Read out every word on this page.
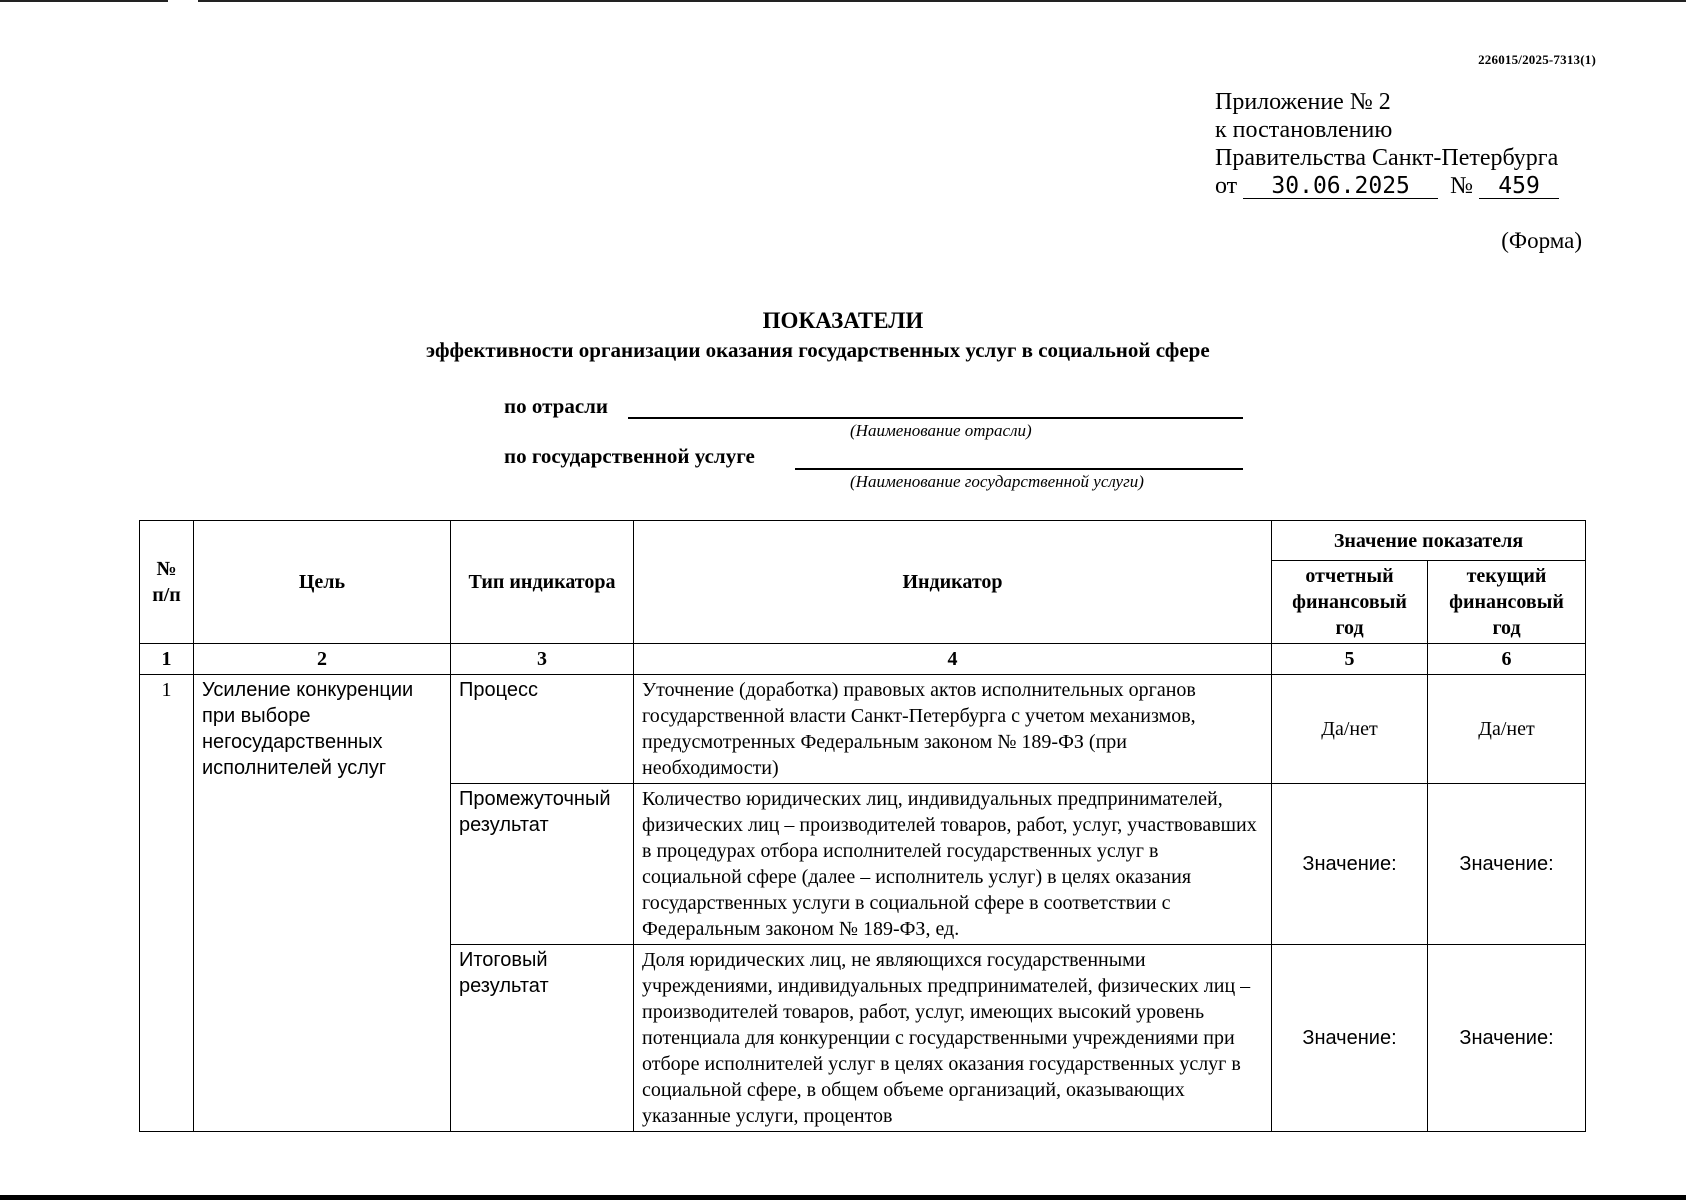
226015/2025-7313(1)
Приложение № 2
к постановлению
Правительства Санкт-Петербурга
от 30.06.2025 № 459
(Форма)
ПОКАЗАТЕЛИ
эффективности организации оказания государственных услуг в социальной сфере
по отрасли
(Наименование отрасли)
по государственной услуге
(Наименование государственной услуги)
№ п/п	Цель	Тип индикатора	Индикатор	Значение показателя	
				отчетный финансовый год	текущий финансовый год
1	2	3	4	5	6
1	Усиление конкуренции при выборе негосударственных исполнителей услуг	Процесс	Уточнение (доработка) правовых актов исполнительных органов государственной власти Санкт-Петербурга с учетом механизмов, предусмотренных Федеральным законом № 189-ФЗ (при необходимости)	Да/нет	Да/нет
		Промежуточный результат	Количество юридических лиц, индивидуальных предпринимателей, физических лиц – производителей товаров, работ, услуг, участвовавших в процедурах отбора исполнителей государственных услуг в социальной сфере (далее – исполнитель услуг) в целях оказания государственных услуги в социальной сфере в соответствии с Федеральным законом № 189-ФЗ, ед.	Значение:	Значение:
		Итоговый результат	Доля юридических лиц, не являющихся государственными учреждениями, индивидуальных предпринимателей, физических лиц – производителей товаров, работ, услуг, имеющих высокий уровень потенциала для конкуренции с государственными учреждениями при отборе исполнителей услуг в целях оказания государственных услуг в социальной сфере, в общем объеме организаций, оказывающих указанные услуги, процентов	Значение:	Значение:
